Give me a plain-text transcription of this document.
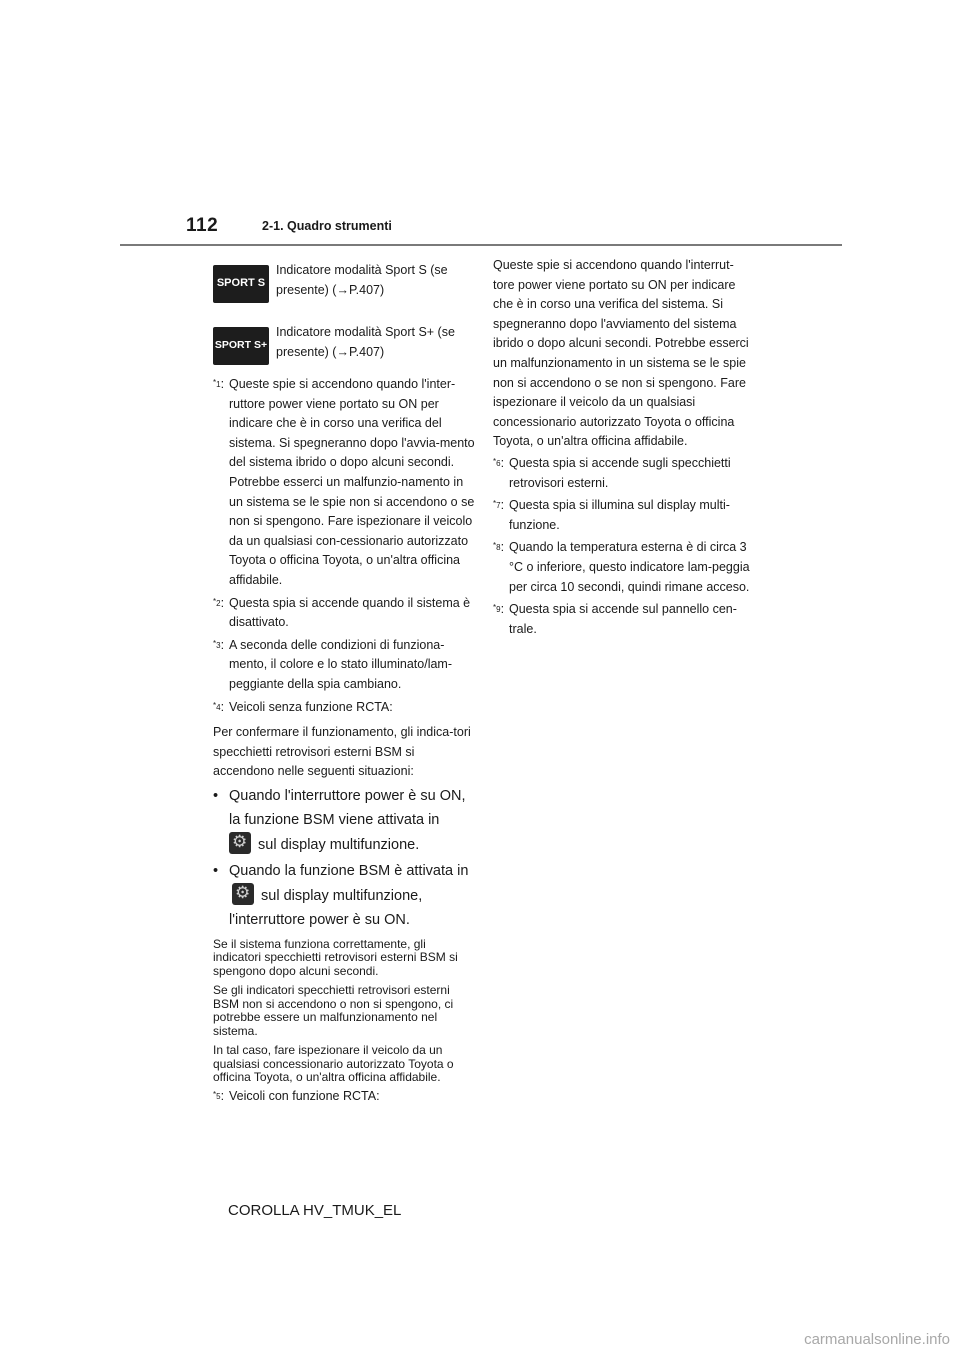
112	2-1. Quadro strumenti
SPORT S
Indicatore modalità Sport S (se presente) (→P.407)
SPORT S+
Indicatore modalità Sport S+ (se presente) (→P.407)
$^{*1}$: Queste spie si accendono quando l'inter-ruttore power viene portato su ON per indicare che è in corso una verifica del sistema. Si spegneranno dopo l'avvia-mento del sistema ibrido o dopo alcuni secondi. Potrebbe esserci un malfunzio-namento in un sistema se le spie non si accendono o se non si spengono. Fare ispezionare il veicolo da un qualsiasi con-cessionario autorizzato Toyota o officina Toyota, o un'altra officina affidabile.
$^{*2}$: Questa spia si accende quando il sistema è disattivato.
$^{*3}$: A seconda delle condizioni di funziona-mento, il colore e lo stato illuminato/lam-peggiante della spia cambiano.
$^{*4}$: Veicoli senza funzione RCTA:
Per confermare il funzionamento, gli indica-tori specchietti retrovisori esterni BSM si accendono nelle seguenti situazioni:
• Quando l'interruttore power è su ON, la funzione BSM viene attivata in
⚙ sul display multifunzione.
• Quando la funzione BSM è attivata in ⚙ sul display multifunzione, l'interruttore power è su ON.
Se il sistema funziona correttamente, gli indicatori specchietti retrovisori esterni BSM si spengono dopo alcuni secondi.
Se gli indicatori specchietti retrovisori esterni BSM non si accendono o non si spengono, ci potrebbe essere un malfunzionamento nel sistema.
In tal caso, fare ispezionare il veicolo da un qualsiasi concessionario autorizzato Toyota o officina Toyota, o un'altra officina affidabile.
$^{*5}$: Veicoli con funzione RCTA:
Queste spie si accendono quando l'interrut-tore power viene portato su ON per indicare che è in corso una verifica del sistema. Si spegneranno dopo l'avviamento del sistema ibrido o dopo alcuni secondi. Potrebbe esserci un malfunzionamento in un sistema se le spie non si accendono o se non si spengono. Fare ispezionare il veicolo da un qualsiasi concessionario autorizzato Toyota o officina Toyota, o un'altra officina affidabile.
$^{*6}$: Questa spia si accende sugli specchietti retrovisori esterni.
$^{*7}$: Questa spia si illumina sul display multi-funzione.
$^{*8}$: Quando la temperatura esterna è di circa 3 °C o inferiore, questo indicatore lam-peggia per circa 10 secondi, quindi rimane acceso.
$^{*9}$: Questa spia si accende sul pannello cen-trale.
COROLLA HV_TMUK_EL
carmanualsonline.info
